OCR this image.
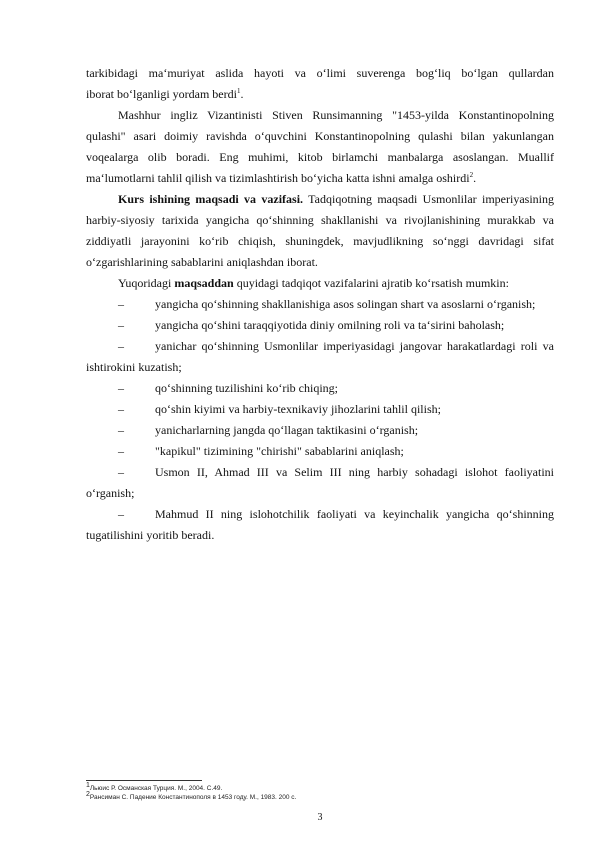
tarkibidagi maʻmuriyat aslida hayoti va oʻlimi suverenga bogʻliq boʻlgan qullardan

iborat boʻlganligi yordam berdi$^1$.

Mashhur ingliz Vizantinisti Stiven Runsimanning "1453-yilda Konstantinopolning qulashi" asari doimiy ravishda oʻquvchini Konstantinopolning qulashi bilan yakunlangan voqealarga olib boradi. Eng muhimi, kitob birlamchi manbalarga asoslangan. Muallif maʻlumotlarni tahlil qilish va tizimlashtirish boʻyicha katta ishni amalga oshirdi$^2$.

Kurs ishining maqsadi va vazifasi. Tadqiqotning maqsadi Usmonlilar imperiyasining harbiy-siyosiy tarixida yangicha qoʻshinning shakllanishi va rivojlanishining murakkab va ziddiyatli jarayonini koʻrib chiqish, shuningdek, mavjudlikning soʻnggi davridagi sifat oʻzgarishlarining sabablarini aniqlashdan iborat.

Yuqoridagi maqsaddan quyidagi tadqiqot vazifalarini ajratib koʻrsatish mumkin:

–	yangicha qoʻshinning shakllanishiga asos solingan shart va asoslarni oʻrganish;

–	yangicha qoʻshini taraqqiyotida diniy omilning roli va taʻsirini baholash;

–	yanichar qoʻshinning Usmonlilar imperiyasidagi jangovar harakatlardagi roli va ishtirokini kuzatish;

–	qoʻshinning tuzilishini koʻrib chiqing;

–	qoʻshin kiyimi va harbiy-texnikaviy jihozlarini tahlil qilish;

–	yanicharlarning jangda qoʻllagan taktikasini oʻrganish;

–	"kapikul" tizimining "chirishi" sabablarini aniqlash;

–	Usmon II, Ahmad III va Selim III ning harbiy sohadagi islohot faoliyatini oʻrganish;

–	Mahmud II ning islohotchilik faoliyati va keyinchalik yangicha qoʻshinning tugatilishini yoritib beradi.

$^1$Льюис Р. Османская Турция. М., 2004. С.49.
$^2$Рансиман С. Падение Константинополя в 1453 году. М., 1983. 200 с.
3
